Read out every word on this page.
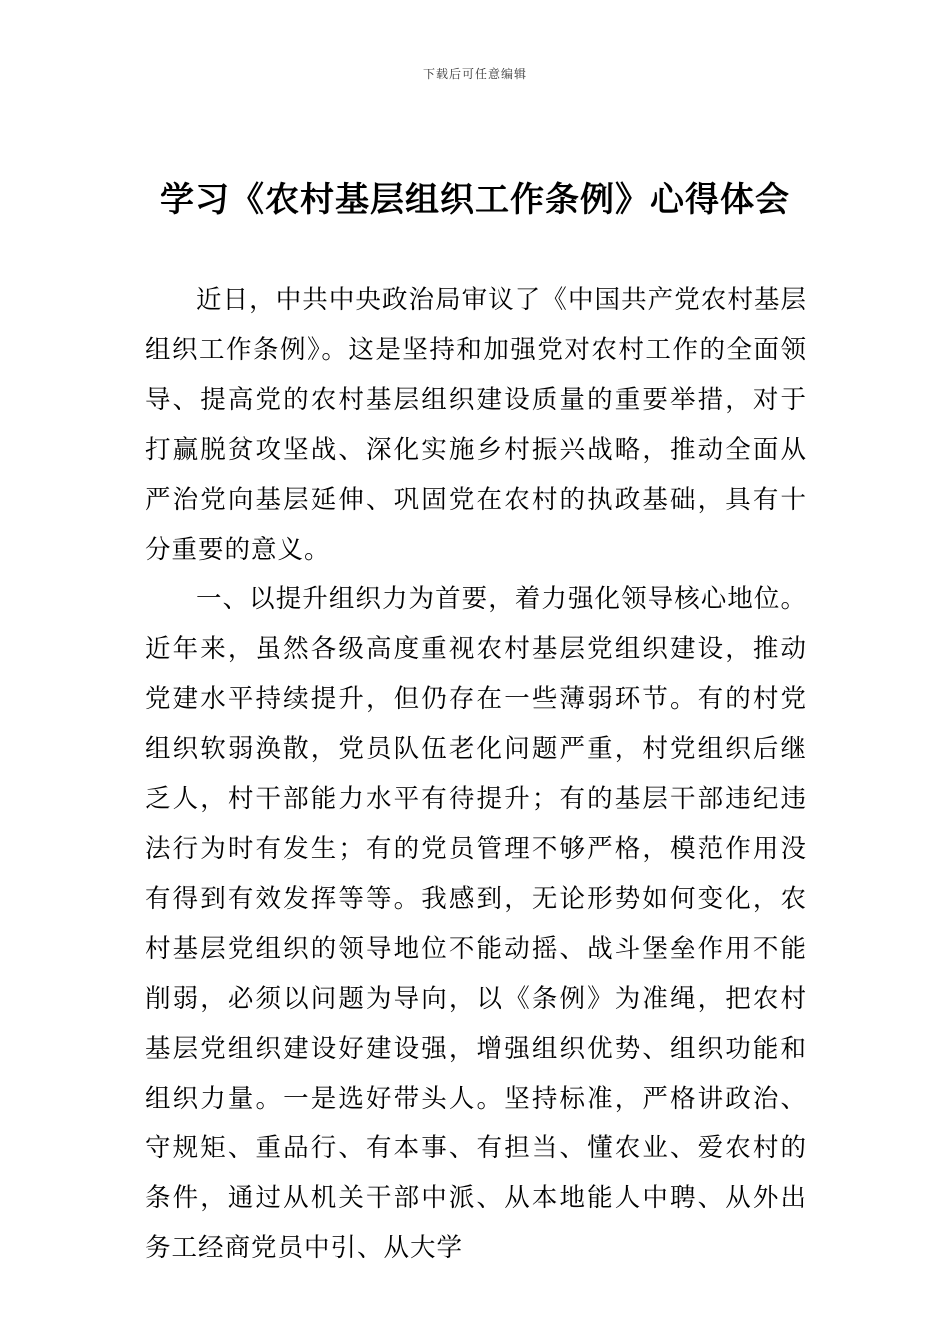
下载后可任意编辑
学习《农村基层组织工作条例》心得体会

近日，中共中央政治局审议了《中国共产党农村基层组织工作条例》。这是坚持和加强党对农村工作的全面领导、提高党的农村基层组织建设质量的重要举措，对于打赢脱贫攻坚战、深化实施乡村振兴战略，推动全面从严治党向基层延伸、巩固党在农村的执政基础，具有十分重要的意义。

一、以提升组织力为首要，着力强化领导核心地位。近年来，虽然各级高度重视农村基层党组织建设，推动党建水平持续提升，但仍存在一些薄弱环节。有的村党组织软弱涣散，党员队伍老化问题严重，村党组织后继乏人，村干部能力水平有待提升；有的基层干部违纪违法行为时有发生；有的党员管理不够严格，模范作用没有得到有效发挥等等。我感到，无论形势如何变化，农村基层党组织的领导地位不能动摇、战斗堡垒作用不能削弱，必须以问题为导向，以《条例》为准绳，把农村基层党组织建设好建设强，增强组织优势、组织功能和组织力量。一是选好带头人。坚持标准，严格讲政治、守规矩、重品行、有本事、有担当、懂农业、爱农村的条件，通过从机关干部中派、从本地能人中聘、从外出务工经商党员中引、从大学
